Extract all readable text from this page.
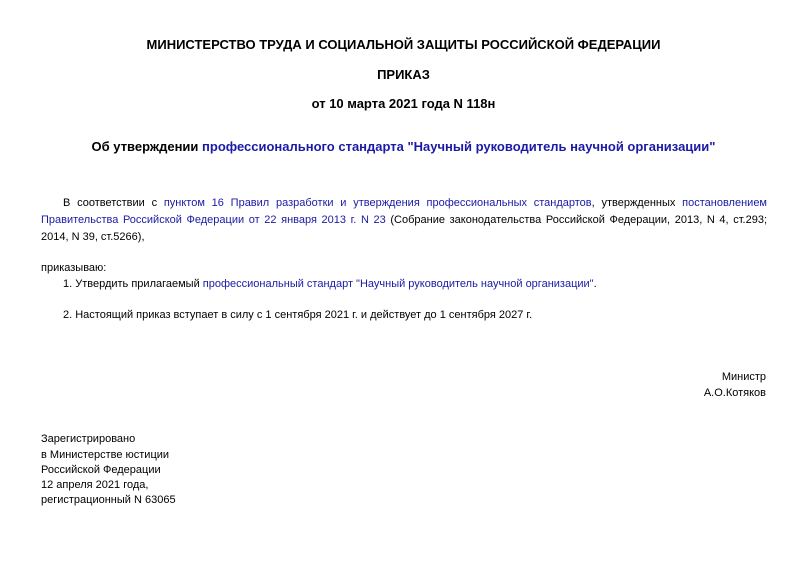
МИНИСТЕРСТВО ТРУДА И СОЦИАЛЬНОЙ ЗАЩИТЫ РОССИЙСКОЙ ФЕДЕРАЦИИ
ПРИКАЗ
от 10 марта 2021 года N 118н
Об утверждении профессионального стандарта "Научный руководитель научной организации"
В соответствии с пунктом 16 Правил разработки и утверждения профессиональных стандартов, утвержденных постановлением Правительства Российской Федерации от 22 января 2013 г. N 23 (Собрание законодательства Российской Федерации, 2013, N 4, ст.293; 2014, N 39, ст.5266),
приказываю:
1. Утвердить прилагаемый профессиональный стандарт "Научный руководитель научной организации".
2. Настоящий приказ вступает в силу с 1 сентября 2021 г. и действует до 1 сентября 2027 г.
Министр
А.О.Котяков
Зарегистрировано
в Министерстве юстиции
Российской Федерации
12 апреля 2021 года,
регистрационный N 63065
